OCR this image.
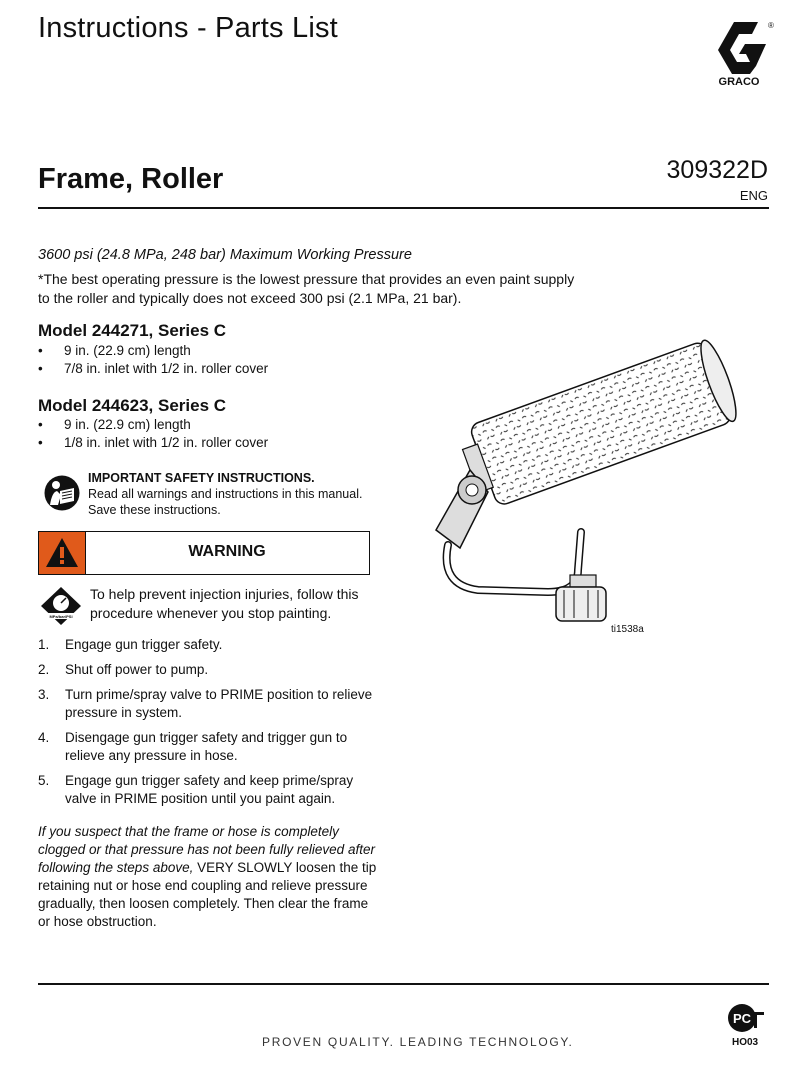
Instructions - Parts List
GRACO
®
Frame, Roller	309322D
ENG
3600 psi (24.8 MPa, 248 bar) Maximum Working Pressure
*The best operating pressure is the lowest pressure that provides an even paint supply to the roller and typically does not exceed 300 psi (2.1 MPa, 21 bar).
Model 244271, Series C
• 9 in. (22.9 cm) length
• 7/8 in. inlet with 1/2 in. roller cover
Model 244623, Series C
• 9 in. (22.9 cm) length
• 1/8 in. inlet with 1/2 in. roller cover
IMPORTANT SAFETY INSTRUCTIONS.
Read all warnings and instructions in this manual.
Save these instructions.
WARNING
MPa/bar/PSI
To help prevent injection injuries, follow this procedure whenever you stop painting.
1. Engage gun trigger safety.
2. Shut off power to pump.
3. Turn prime/spray valve to PRIME position to relieve pressure in system.
4. Disengage gun trigger safety and trigger gun to relieve any pressure in hose.
5. Engage gun trigger safety and keep prime/spray valve in PRIME position until you paint again.
If you suspect that the frame or hose is completely clogged or that pressure has not been fully relieved after following the steps above, VERY SLOWLY loosen the tip retaining nut or hose end coupling and relieve pressure gradually, then loosen completely. Then clear the frame or hose obstruction.
ti1538a
PROVEN QUALITY. LEADING TECHNOLOGY.
PC
HO03
